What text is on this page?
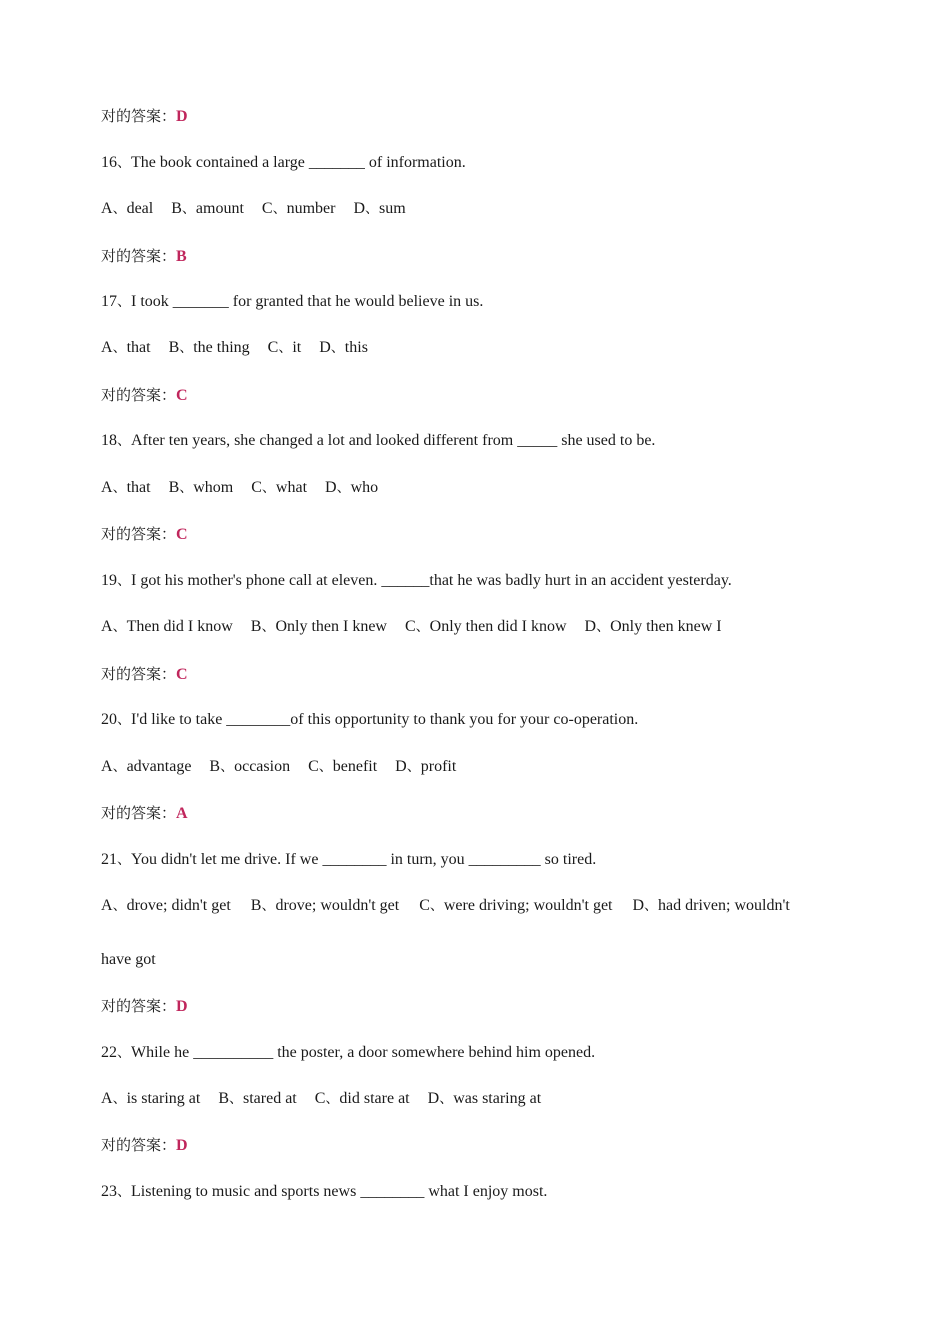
对的答案：D
16、The book contained a large _______ of information.
A、deal B、amount C、number D、sum
对的答案：B
17、I took _______ for granted that he would believe in us.
A、that B、the thing C、it D、this
对的答案：C
18、After ten years, she changed a lot and looked different from _____ she used to be.
A、that B、whom C、what D、who
对的答案：C
19、I got his mother's phone call at eleven. ______that he was badly hurt in an accident yesterday.
A、Then did I know B、Only then I knew C、Only then did I know D、Only then knew I
对的答案：C
20、I'd like to take ________of this opportunity to thank you for your co-operation.
A、advantage B、occasion C、benefit D、profit
对的答案：A
21、You didn't let me drive. If we ________ in turn, you _________ so tired.
A、drove; didn't get B、drove; wouldn't get C、were driving; wouldn't get D、had driven; wouldn't
have got
对的答案：D
22、While he __________ the poster, a door somewhere behind him opened.
A、is staring at B、stared at C、did stare at D、was staring at
对的答案：D
23、Listening to music and sports news ________ what I enjoy most.
